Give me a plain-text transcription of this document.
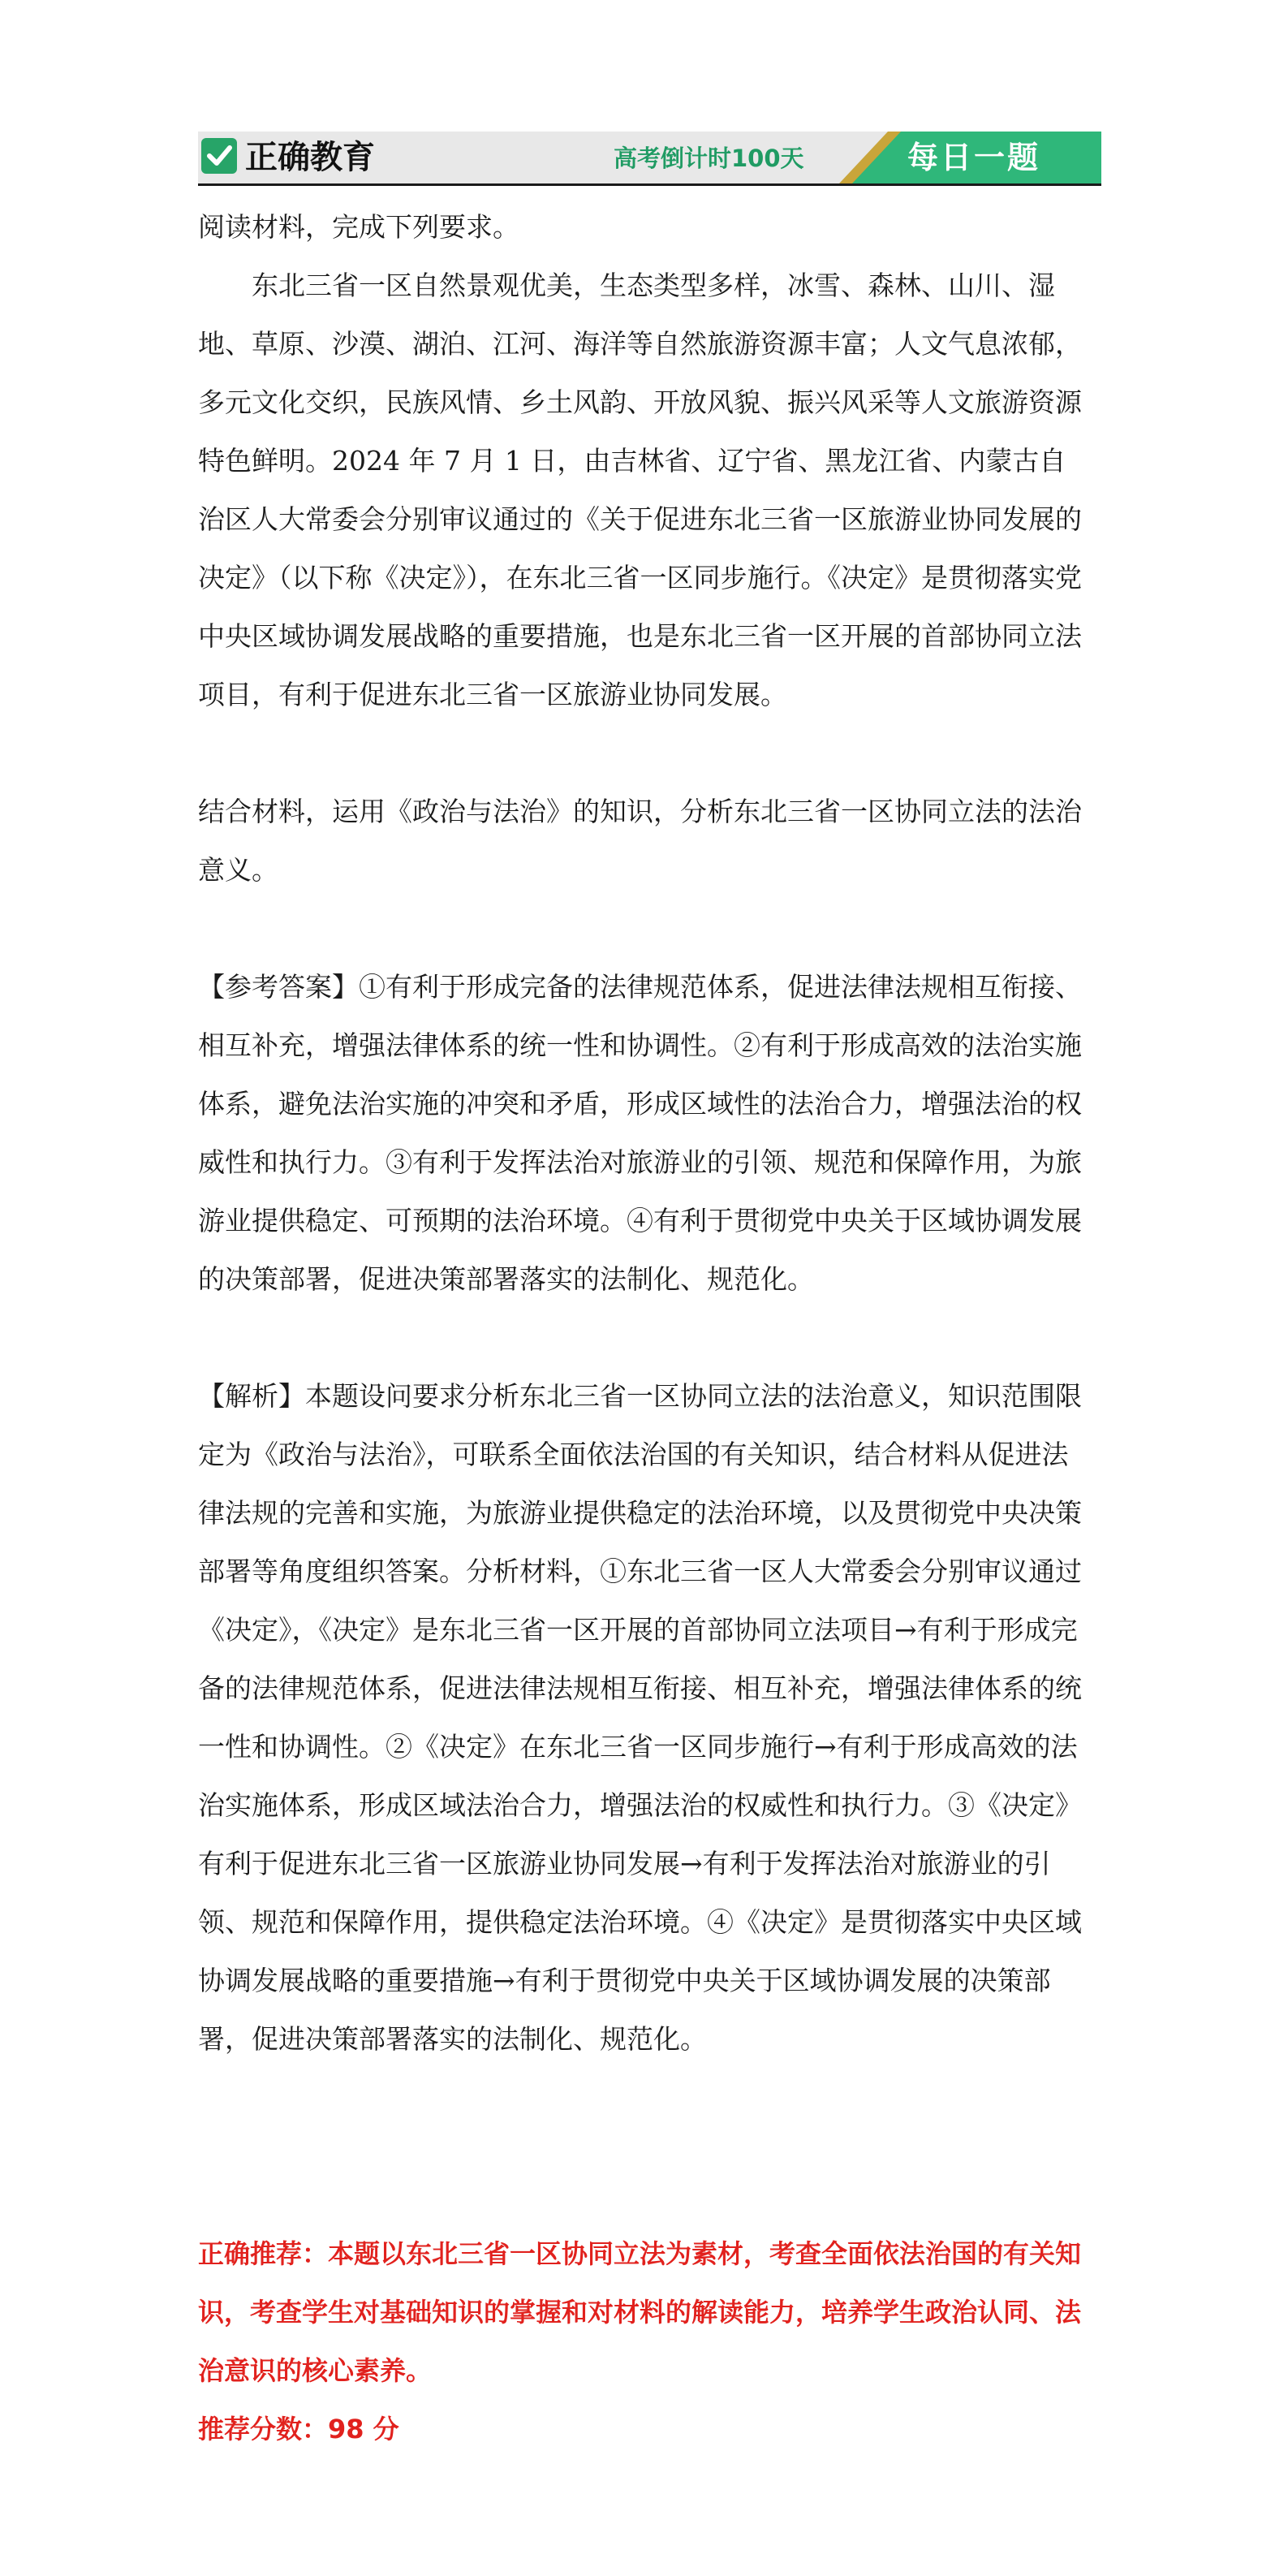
正确教育	高考倒计时100天	每日一题

阅读材料，完成下列要求。

东北三省一区自然景观优美，生态类型多样，冰雪、森林、山川、湿地、草原、沙漠、湖泊、江河、海洋等自然旅游资源丰富；人文气息浓郁，多元文化交织，民族风情、乡土风韵、开放风貌、振兴风采等人文旅游资源特色鲜明。2024 年 7 月 1 日，由吉林省、辽宁省、黑龙江省、内蒙古自治区人大常委会分别审议通过的《关于促进东北三省一区旅游业协同发展的决定》（以下称《决定》），在东北三省一区同步施行。《决定》是贯彻落实党中央区域协调发展战略的重要措施，也是东北三省一区开展的首部协同立法项目，有利于促进东北三省一区旅游业协同发展。

结合材料，运用《政治与法治》的知识，分析东北三省一区协同立法的法治意义。

【参考答案】①有利于形成完备的法律规范体系，促进法律法规相互衔接、相互补充，增强法律体系的统一性和协调性。②有利于形成高效的法治实施体系，避免法治实施的冲突和矛盾，形成区域性的法治合力，增强法治的权威性和执行力。③有利于发挥法治对旅游业的引领、规范和保障作用，为旅游业提供稳定、可预期的法治环境。④有利于贯彻党中央关于区域协调发展的决策部署，促进决策部署落实的法制化、规范化。

【解析】本题设问要求分析东北三省一区协同立法的法治意义，知识范围限定为《政治与法治》，可联系全面依法治国的有关知识，结合材料从促进法律法规的完善和实施，为旅游业提供稳定的法治环境，以及贯彻党中央决策部署等角度组织答案。分析材料，①东北三省一区人大常委会分别审议通过《决定》，《决定》是东北三省一区开展的首部协同立法项目→有利于形成完备的法律规范体系，促进法律法规相互衔接、相互补充，增强法律体系的统一性和协调性。②《决定》在东北三省一区同步施行→有利于形成高效的法治实施体系，形成区域法治合力，增强法治的权威性和执行力。③《决定》有利于促进东北三省一区旅游业协同发展→有利于发挥法治对旅游业的引领、规范和保障作用，提供稳定法治环境。④《决定》是贯彻落实中央区域协调发展战略的重要措施→有利于贯彻党中央关于区域协调发展的决策部署，促进决策部署落实的法制化、规范化。

正确推荐：本题以东北三省一区协同立法为素材，考查全面依法治国的有关知识，考查学生对基础知识的掌握和对材料的解读能力，培养学生政治认同、法治意识的核心素养。

推荐分数：98 分
